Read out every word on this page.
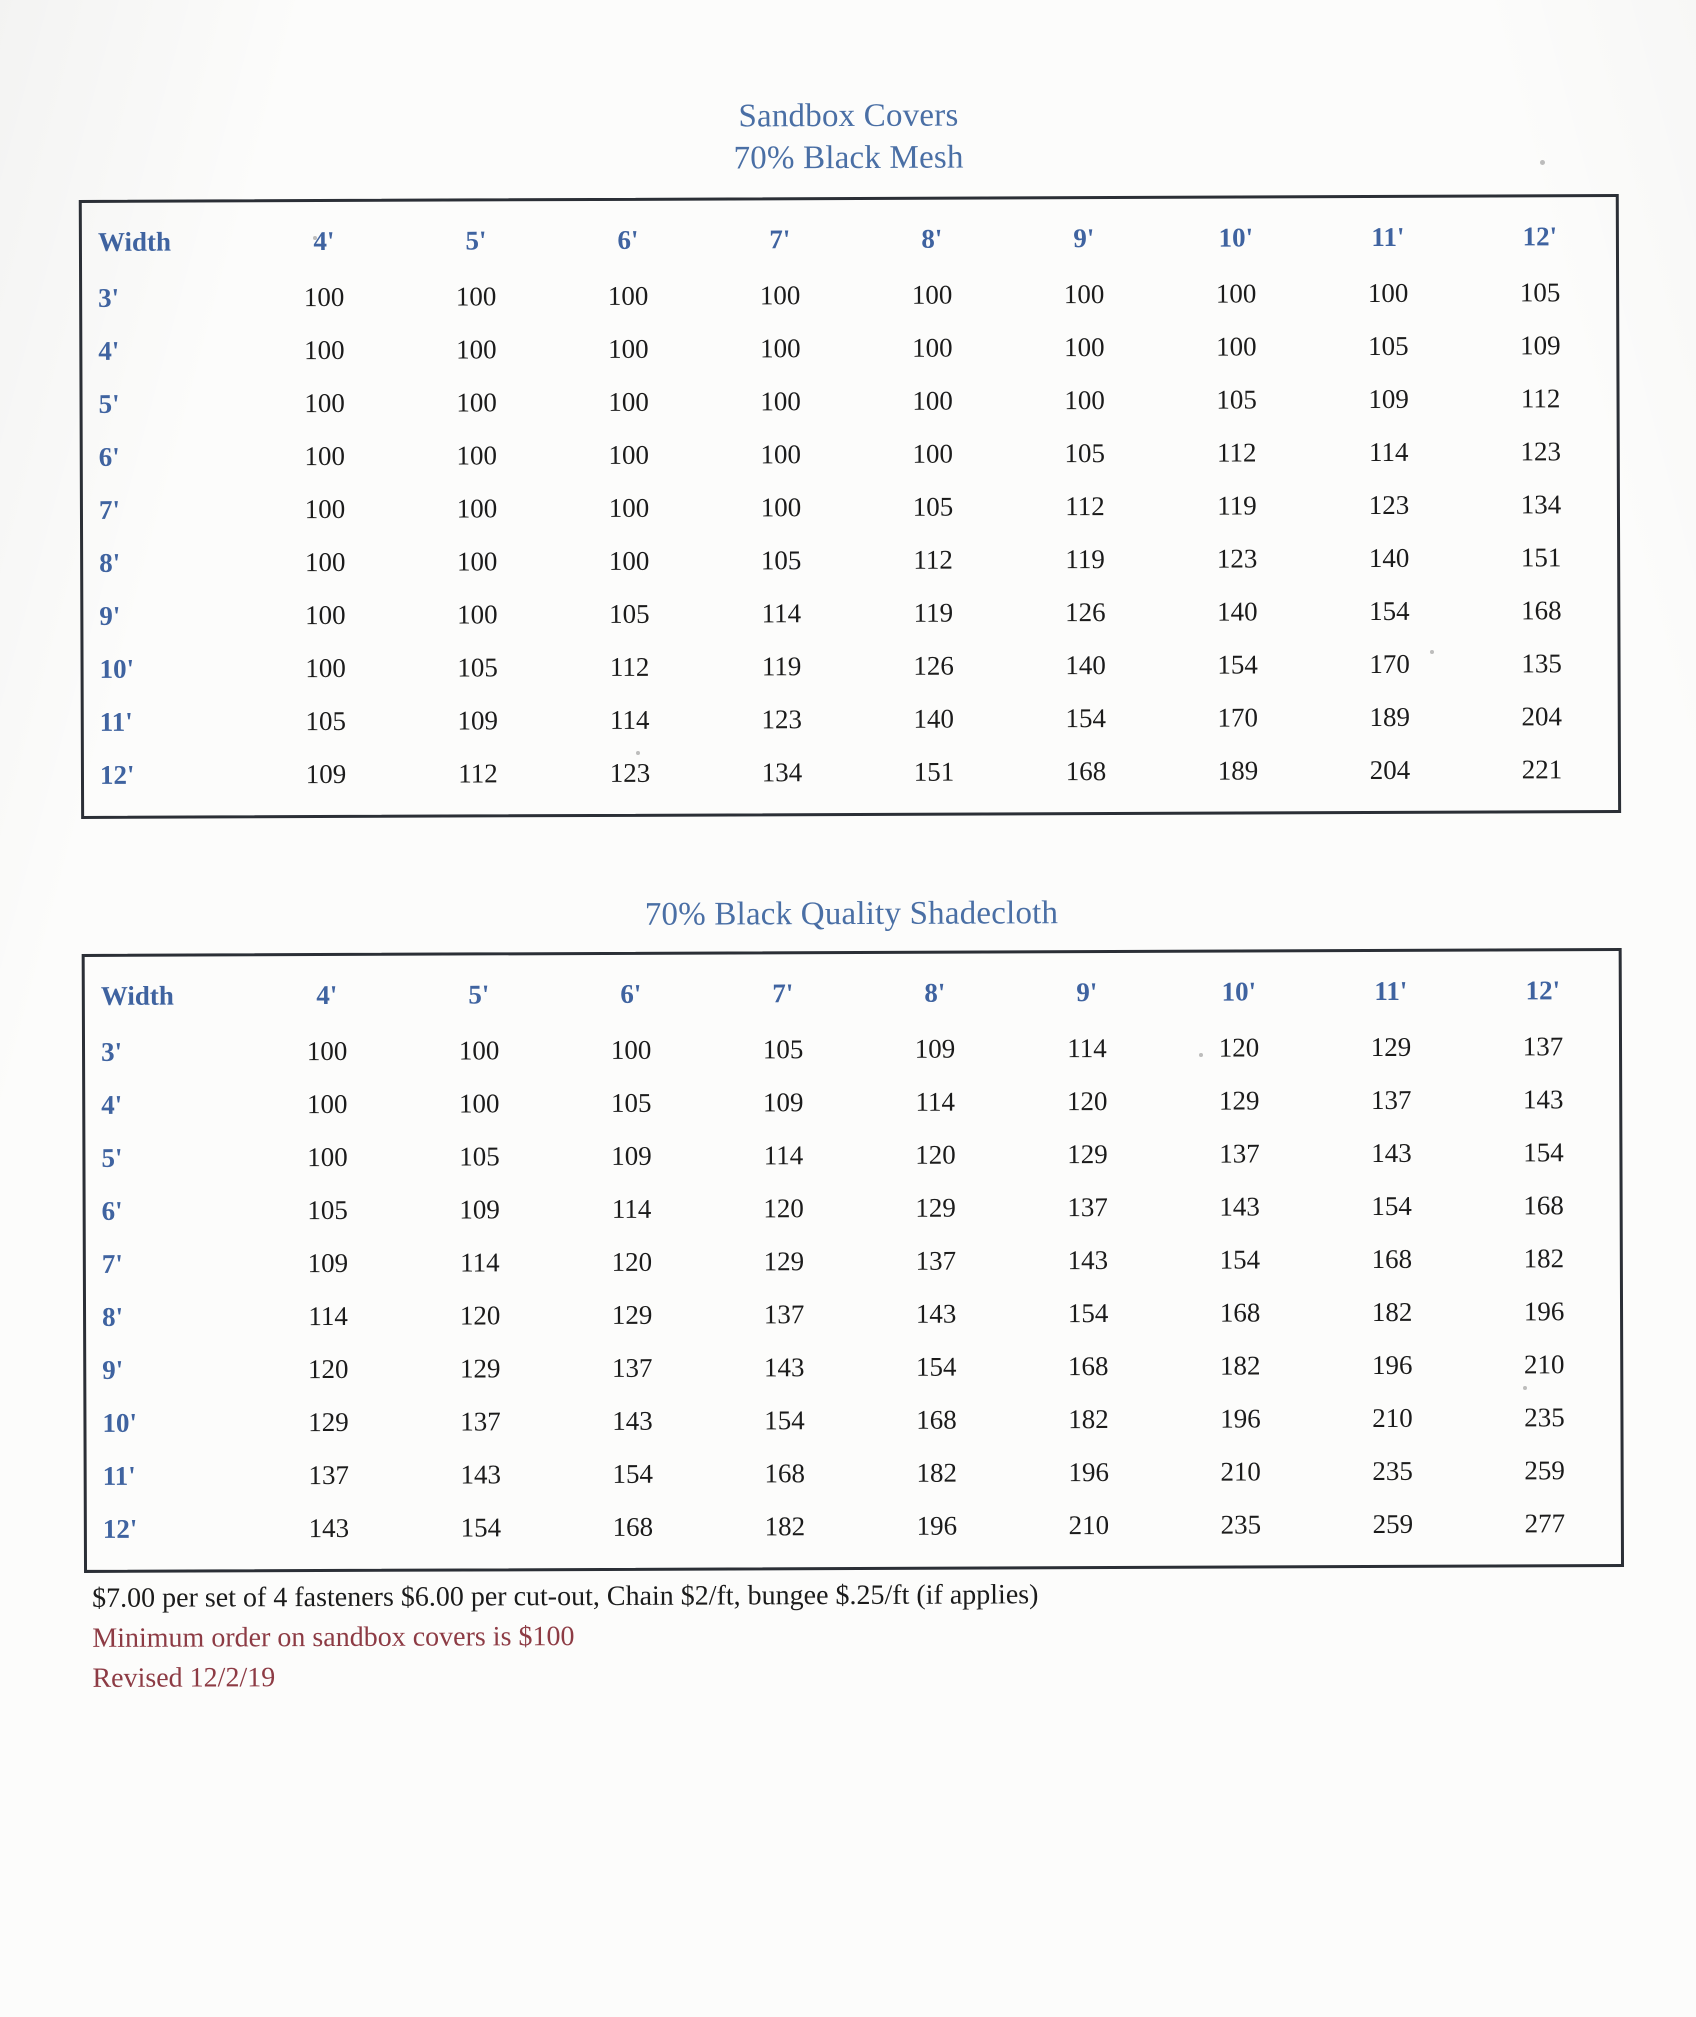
Sandbox Covers
70% Black Mesh
Width	4'	5'	6'	7'	8'	9'	10'	11'	12'
3'	100	100	100	100	100	100	100	100	105
4'	100	100	100	100	100	100	100	105	109
5'	100	100	100	100	100	100	105	109	112
6'	100	100	100	100	100	105	112	114	123
7'	100	100	100	100	105	112	119	123	134
8'	100	100	100	105	112	119	123	140	151
9'	100	100	105	114	119	126	140	154	168
10'	100	105	112	119	126	140	154	170	135
11'	105	109	114	123	140	154	170	189	204
12'	109	112	123	134	151	168	189	204	221
70% Black Quality Shadecloth
Width	4'	5'	6'	7'	8'	9'	10'	11'	12'
3'	100	100	100	105	109	114	120	129	137
4'	100	100	105	109	114	120	129	137	143
5'	100	105	109	114	120	129	137	143	154
6'	105	109	114	120	129	137	143	154	168
7'	109	114	120	129	137	143	154	168	182
8'	114	120	129	137	143	154	168	182	196
9'	120	129	137	143	154	168	182	196	210
10'	129	137	143	154	168	182	196	210	235
11'	137	143	154	168	182	196	210	235	259
12'	143	154	168	182	196	210	235	259	277
$7.00 per set of 4 fasteners $6.00 per cut-out, Chain $2/ft, bungee $.25/ft (if applies)
Minimum order on sandbox covers is $100
Revised 12/2/19
